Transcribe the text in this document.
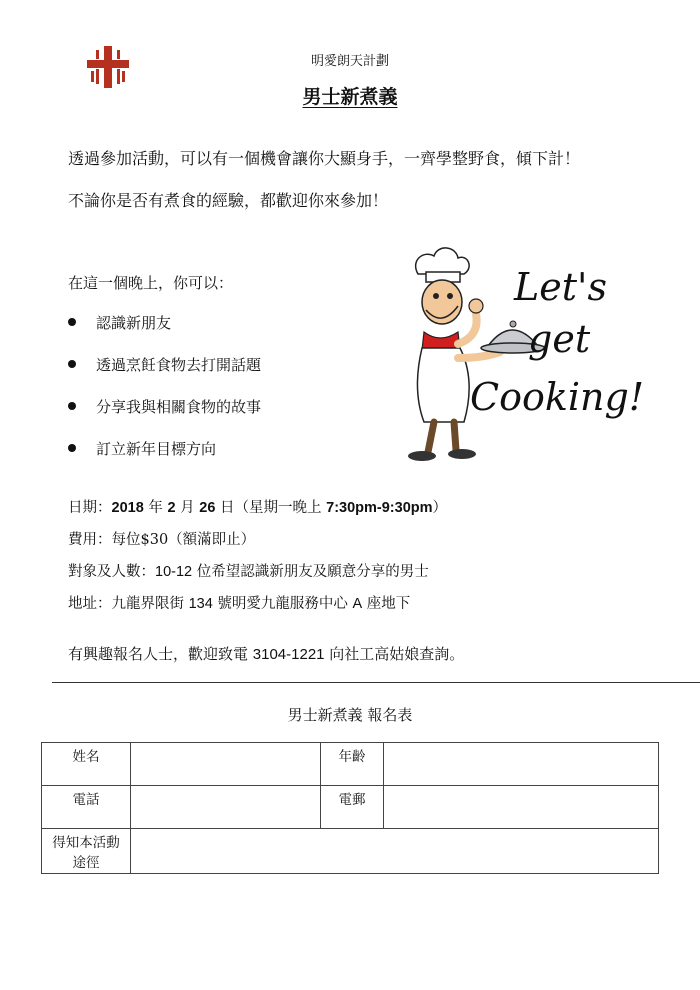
明愛朗天計劃
男士新煮義
透過參加活動，可以有一個機會讓你大顯身手，一齊學整野食，傾下計！
不論你是否有煮食的經驗，都歡迎你來參加！
在這一個晚上，你可以：
認識新朋友
透過烹飪食物去打開話題
分享我與相關食物的故事
訂立新年目標方向
Let's
get
Cooking!
日期：2018 年 2 月 26 日（星期一晚上 7:30pm-9:30pm）
費用：每位$30（額滿即止）
對象及人數：10-12 位希望認識新朋友及願意分享的男士
地址：九龍界限街 134 號明愛九龍服務中心 A 座地下
有興趣報名人士，歡迎致電 3104-1221 向社工高姑娘查詢。
男士新煮義 報名表
姓名		年齡	
電話		電郵	
得知本活動途徑			
